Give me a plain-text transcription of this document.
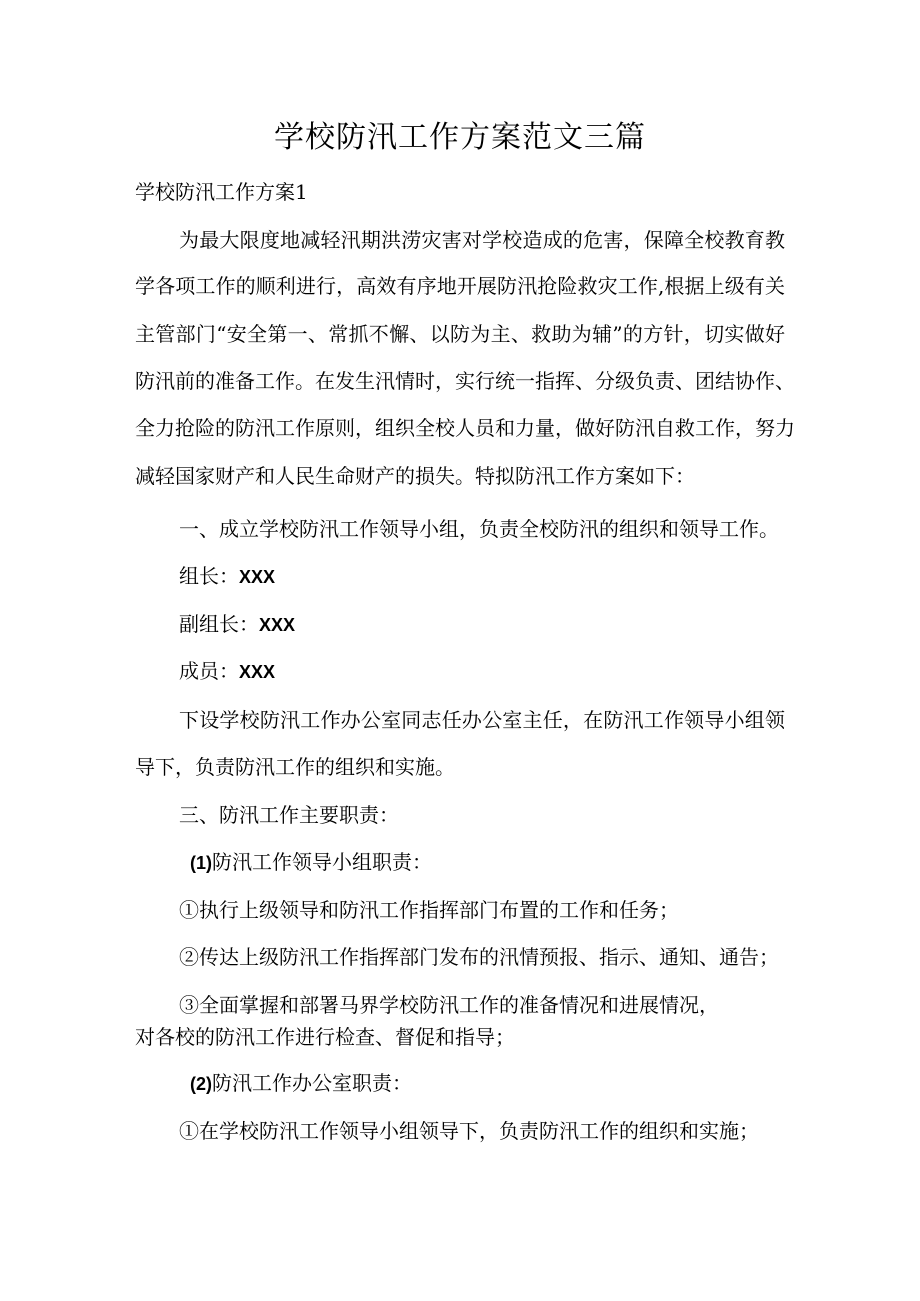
学校防汛工作方案范文三篇
学校防汛工作方案1
为最大限度地减轻汛期洪涝灾害对学校造成的危害，保障全校教育教
学各项工作的顺利进行，高效有序地开展防汛抢险救灾工作,根据上级有关
主管部门“安全第一、常抓不懈、以防为主、救助为辅”的方针，切实做好
防汛前的准备工作。在发生汛情时，实行统一指挥、分级负责、团结协作、
全力抢险的防汛工作原则，组织全校人员和力量，做好防汛自救工作，努力
减轻国家财产和人民生命财产的损失。特拟防汛工作方案如下：
一、成立学校防汛工作领导小组，负责全校防汛的组织和领导工作。
组长：XXX
副组长：XXX
成员：XXX
下设学校防汛工作办公室同志任办公室主任，在防汛工作领导小组领
导下，负责防汛工作的组织和实施。
三、防汛工作主要职责：
(1)防汛工作领导小组职责：
①执行上级领导和防汛工作指挥部门布置的工作和任务；
②传达上级防汛工作指挥部门发布的汛情预报、指示、通知、通告；
③全面掌握和部署马界学校防汛工作的准备情况和进展情况，
对各校的防汛工作进行检查、督促和指导；
(2)防汛工作办公室职责：
①在学校防汛工作领导小组领导下，负责防汛工作的组织和实施；
